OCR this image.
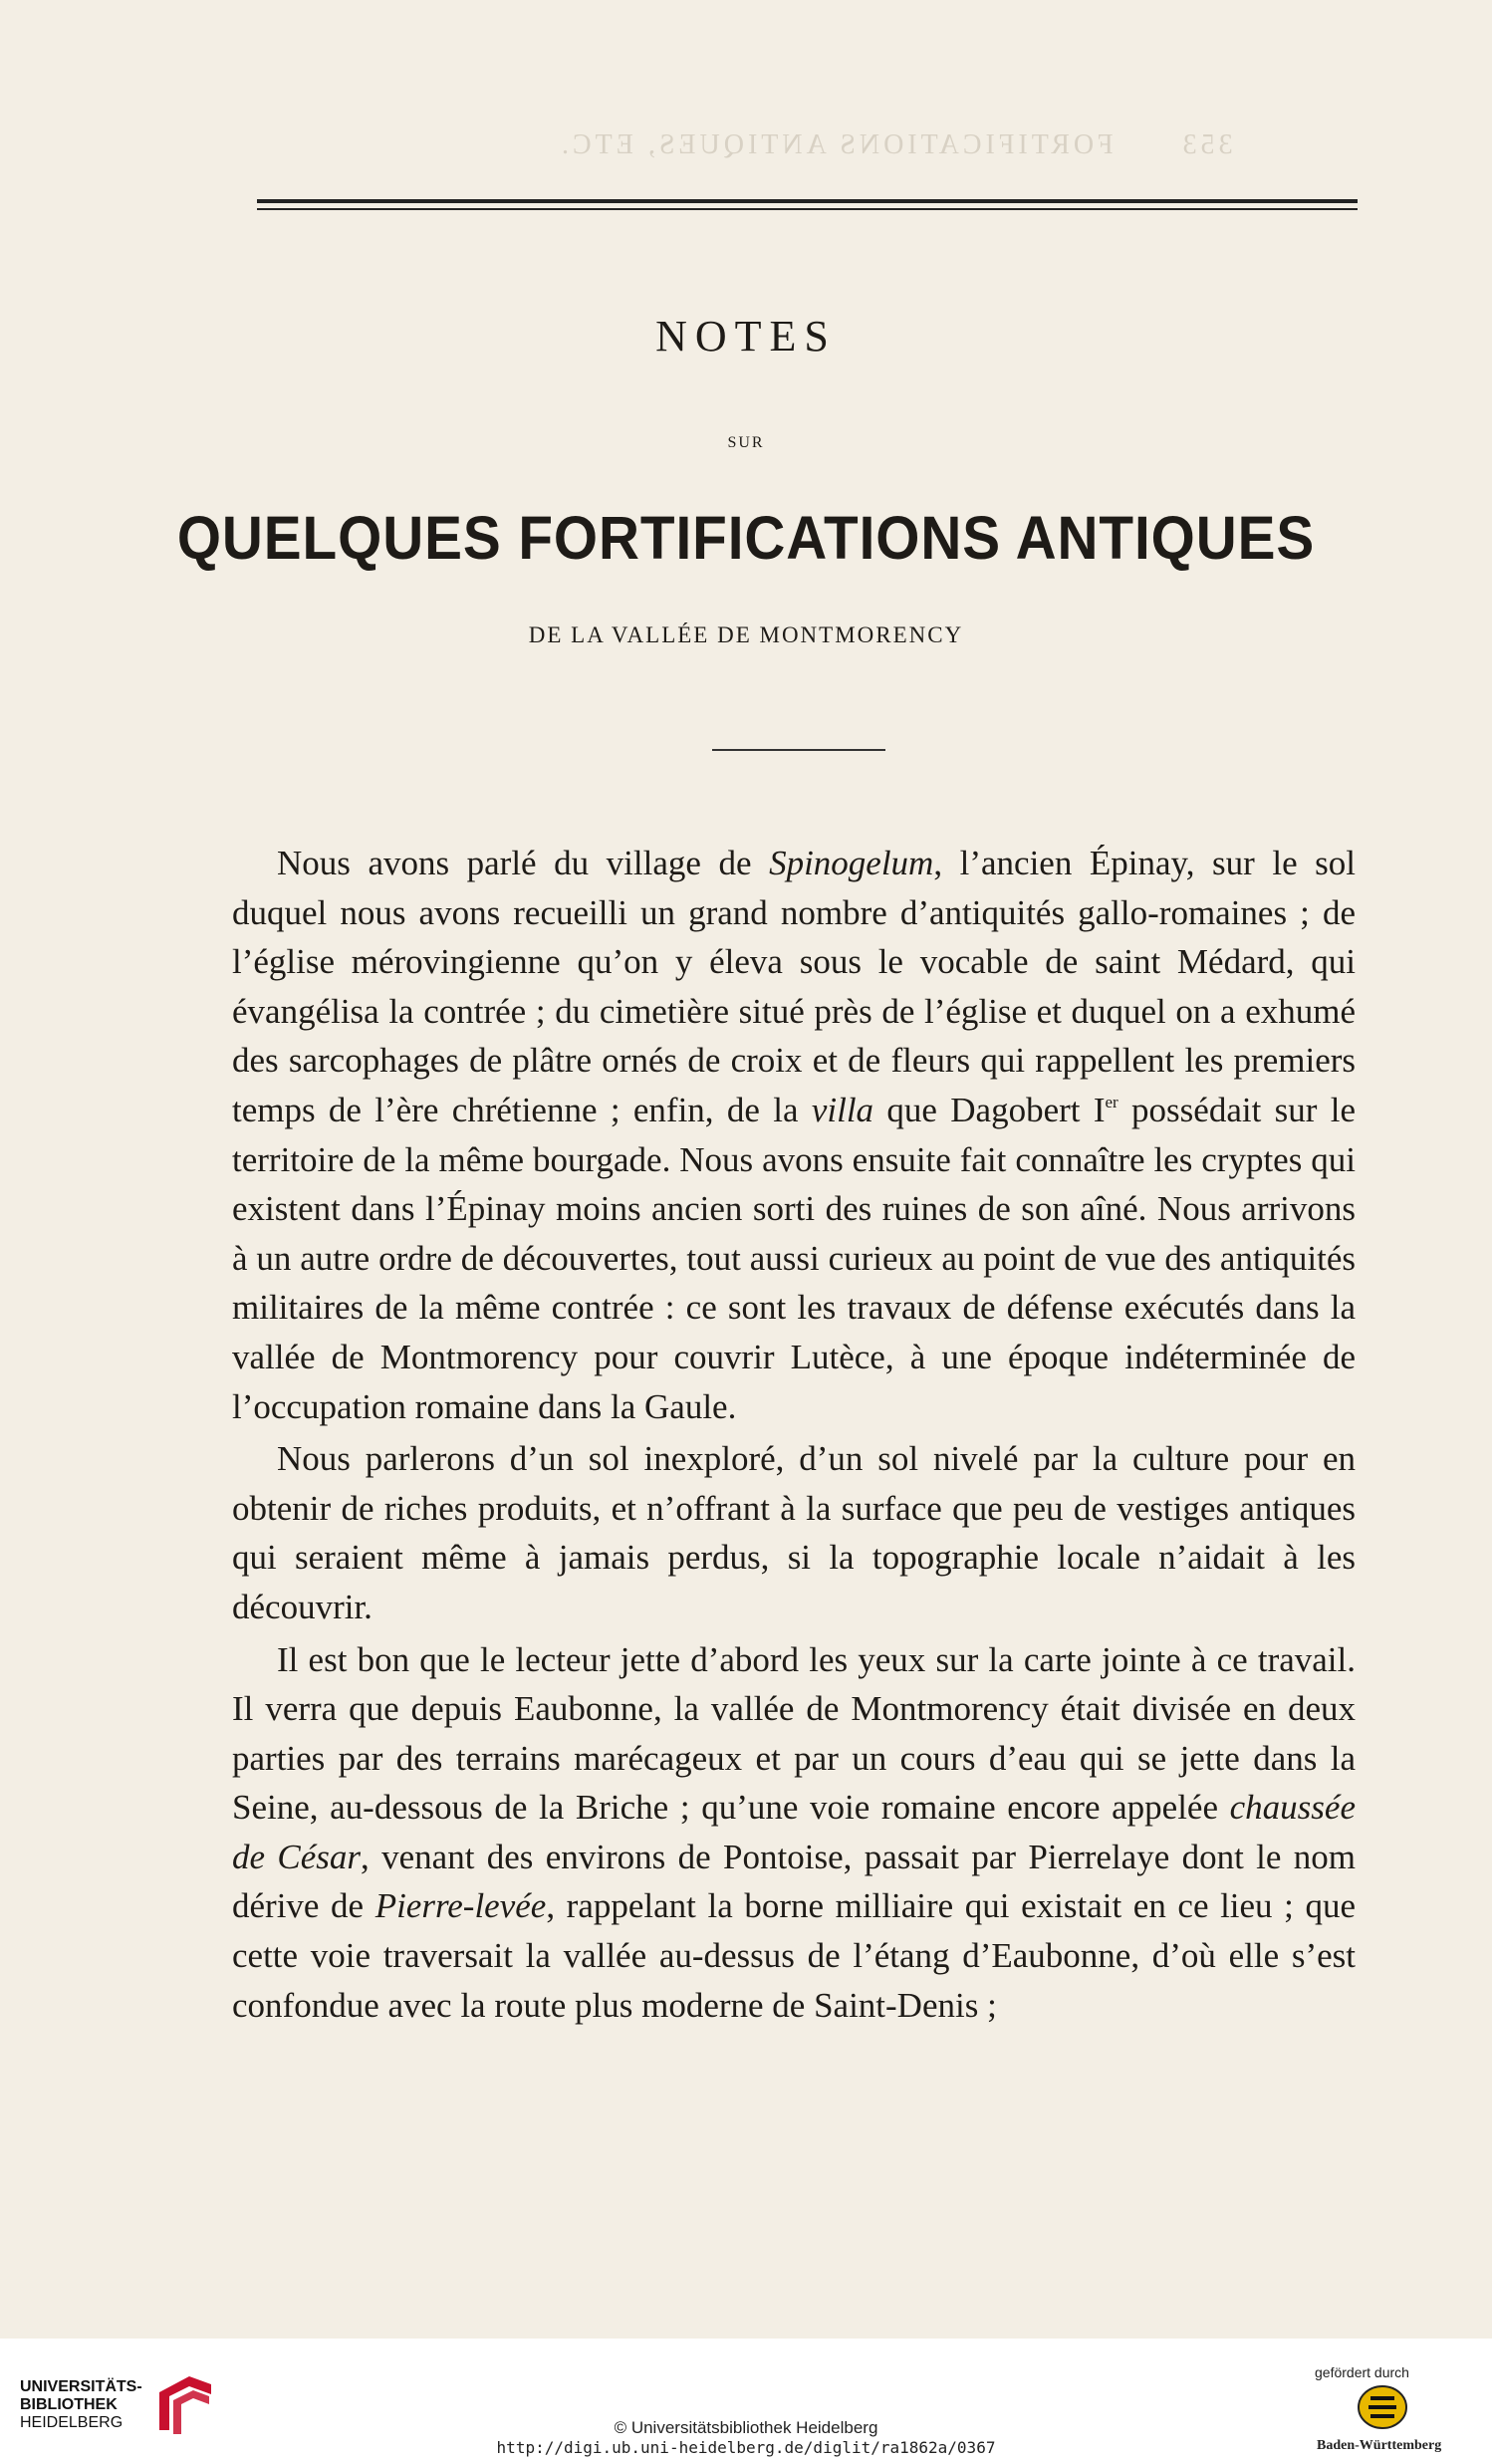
353      FORTIFICATIONS ANTIQUES, ETC.
NOTES
SUR
QUELQUES FORTIFICATIONS ANTIQUES
DE LA VALLÉE DE MONTMORENCY

Nous avons parlé du village de Spinogelum, l’ancien Épinay, sur le sol duquel nous avons recueilli un grand nombre d’antiquités gallo-romaines ; de l’église mérovingienne qu’on y éleva sous le vocable de saint Médard, qui évangélisa la contrée ; du cimetière situé près de l’église et duquel on a exhumé des sarcophages de plâtre ornés de croix et de fleurs qui rappellent les premiers temps de l’ère chrétienne ; enfin, de la villa que Dagobert Ier possédait sur le territoire de la même bourgade. Nous avons ensuite fait connaître les cryptes qui existent dans l’Épinay moins ancien sorti des ruines de son aîné. Nous arrivons à un autre ordre de découvertes, tout aussi curieux au point de vue des antiquités militaires de la même contrée : ce sont les travaux de défense exécutés dans la vallée de Montmorency pour couvrir Lutèce, à une époque indéterminée de l’occupation romaine dans la Gaule.

Nous parlerons d’un sol inexploré, d’un sol nivelé par la culture pour en obtenir de riches produits, et n’offrant à la surface que peu de vestiges antiques qui seraient même à jamais perdus, si la topographie locale n’aidait à les découvrir.

Il est bon que le lecteur jette d’abord les yeux sur la carte jointe à ce travail. Il verra que depuis Eaubonne, la vallée de Montmorency était divisée en deux parties par des terrains marécageux et par un cours d’eau qui se jette dans la Seine, au-dessous de la Briche ; qu’une voie romaine encore appelée chaussée de César, venant des environs de Pontoise, passait par Pierrelaye dont le nom dérive de Pierre-levée, rappelant la borne milliaire qui existait en ce lieu ; que cette voie traversait la vallée au-dessus de l’étang d’Eaubonne, d’où elle s’est confondue avec la route plus moderne de Saint-Denis ;

UNIVERSITÄTS-
BIBLIOTHEK
HEIDELBERG	© Universitätsbibliothek Heidelberg
http://digi.ub.uni-heidelberg.de/diglit/ra1862a/0367
gefördert durch
Baden-Württemberg
